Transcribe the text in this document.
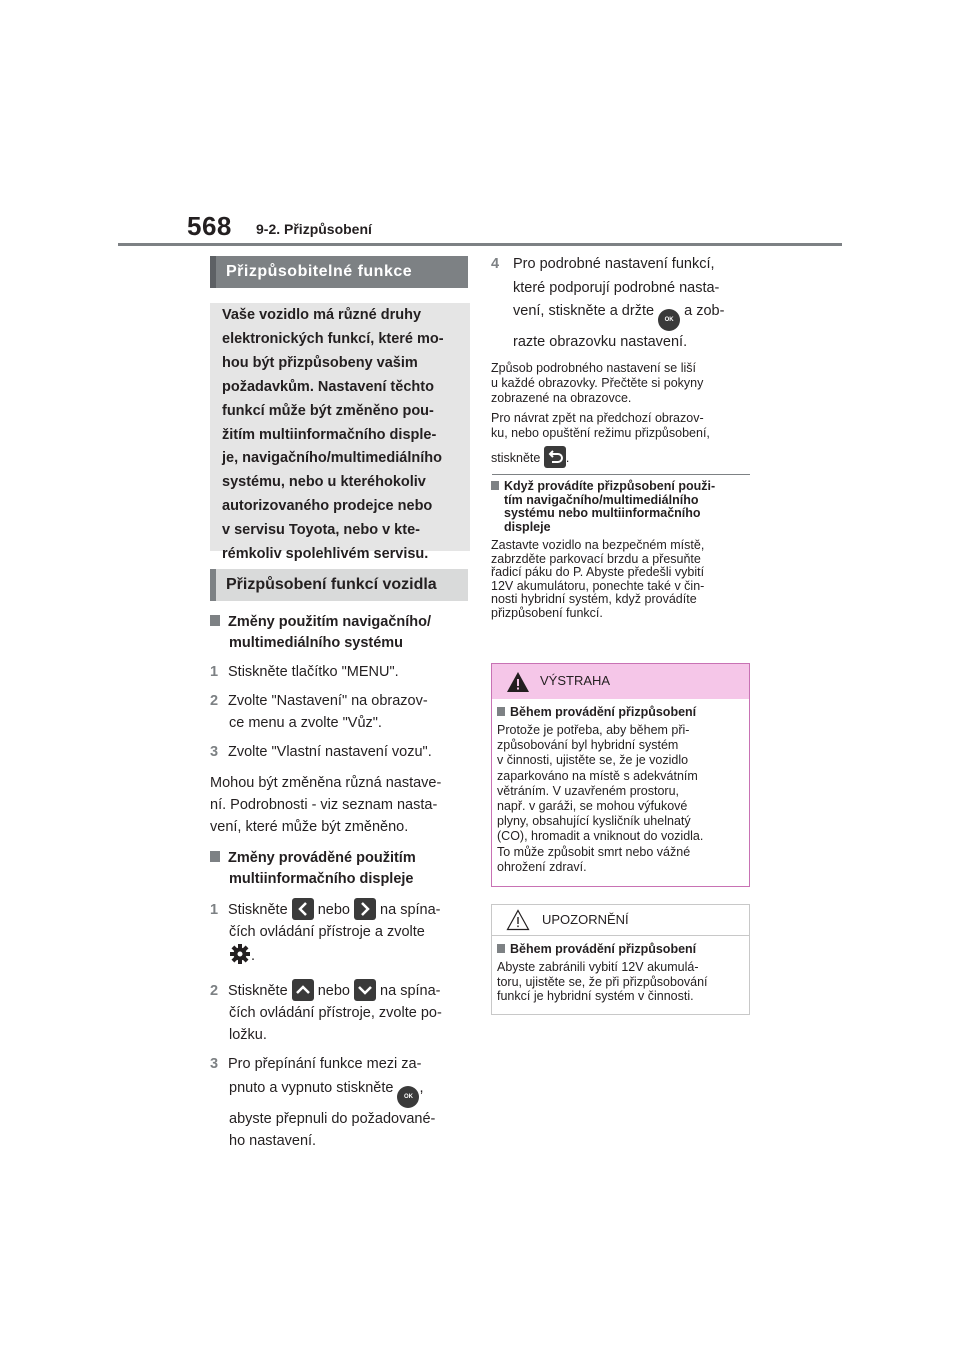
568 9-2. Přizpůsobení
Přizpůsobitelné funkce

Vaše vozidlo má různé druhy

elektronických funkcí, které mo-

hou být přizpůsobeny vašim

požadavkům. Nastavení těchto

funkcí může být změněno pou-

žitím multiinformačního disple-

je, navigačního/multimediálního

systému, nebo u kteréhokoliv

autorizovaného prodejce nebo

v servisu Toyota, nebo v kte-

rémkoliv spolehlivém servisu.

Přizpůsobení funkcí vozidla
Změny použitím navigačního/
multimediálního systému
1 Stiskněte tlačítko "MENU".
2 Zvolte "Nastavení" na obrazov-
ce menu a zvolte "Vůz".
3 Zvolte "Vlastní nastavení vozu".
Mohou být změněna různá nastave-
ní. Podrobnosti - viz seznam nasta-
vení, které může být změněno.
Změny prováděné použitím
multiinformačního displeje
1 Stiskněte nebo na spína-
čích ovládání přístroje a zvolte
.
2 Stiskněte nebo na spína-
čích ovládání přístroje, zvolte po-
ložku.
3 Pro přepínání funkce mezi za-
pnuto a vypnuto stiskněte OK,
abyste přepnuli do požadované-
ho nastavení.
4 Pro podrobné nastavení funkcí,
které podporují podrobné nasta-
vení, stiskněte a držte OK a zob-
razte obrazovku nastavení.
Způsob podrobného nastavení se liší
u každé obrazovky. Přečtěte si pokyny
zobrazené na obrazovce.
Pro návrat zpět na předchozí obrazov-
ku, nebo opuštění režimu přizpůsobení,
stiskněte .
Když provádíte přizpůsobení použi-
tím navigačního/multimediálního
systému nebo multiinformačního
displeje
Zastavte vozidlo na bezpečném místě,
zabrzděte parkovací brzdu a přesuňte
řadicí páku do P. Abyste předešli vybití
12V akumulátoru, ponechte také v čin-
nosti hybridní systém, když provádíte
přizpůsobení funkcí.
VÝSTRAHA
Během provádění přizpůsobení
Protože je potřeba, aby během při-
způsobování byl hybridní systém
v činnosti, ujistěte se, že je vozidlo
zaparkováno na místě s adekvátním
větráním. V uzavřeném prostoru,
např. v garáži, se mohou výfukové
plyny, obsahující kysličník uhelnatý
(CO), hromadit a vniknout do vozidla.
To může způsobit smrt nebo vážné
ohrožení zdraví.
UPOZORNĚNÍ
Během provádění přizpůsobení
Abyste zabránili vybití 12V akumulá-
toru, ujistěte se, že při přizpůsobování
funkcí je hybridní systém v činnosti.
